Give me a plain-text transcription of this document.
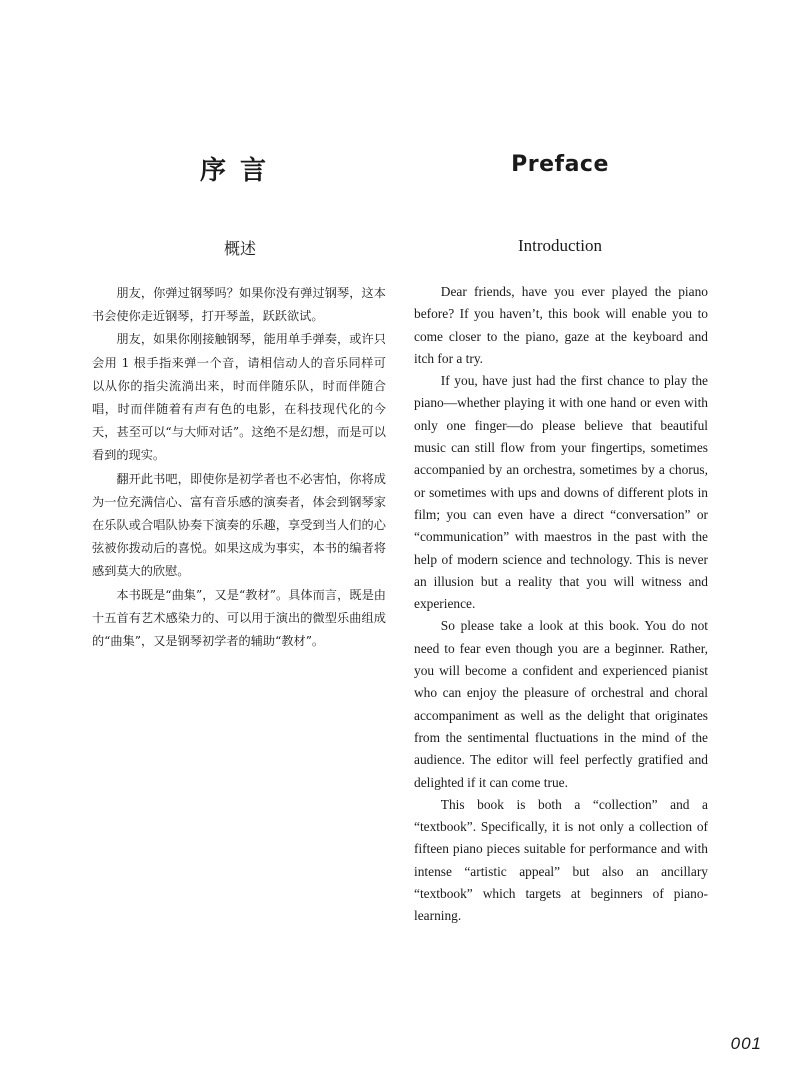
序言	Preface
概述	Introduction

朋友，你弹过钢琴吗？如果你没有弹过钢琴，这本书会使你走近钢琴，打开琴盖，跃跃欲试。

朋友，如果你刚接触钢琴，能用单手弹奏，或许只会用 1 根手指来弹一个音，请相信动人的音乐同样可以从你的指尖流淌出来，时而伴随乐队，时而伴随合唱，时而伴随着有声有色的电影，在科技现代化的今天，甚至可以“与大师对话”。这绝不是幻想，而是可以看到的现实。

翻开此书吧，即使你是初学者也不必害怕，你将成为一位充满信心、富有音乐感的演奏者，体会到钢琴家在乐队或合唱队协奏下演奏的乐趣，享受到当人们的心弦被你拨动后的喜悦。如果这成为事实，本书的编者将感到莫大的欣慰。

本书既是“曲集”，又是“教材”。具体而言，既是由十五首有艺术感染力的、可以用于演出的微型乐曲组成的“曲集”，又是钢琴初学者的辅助“教材”。

Dear friends, have you ever played the piano before? If you haven’t, this book will enable you to come closer to the piano, gaze at the keyboard and itch for a try.

If you, have just had the first chance to play the piano—whether playing it with one hand or even with only one finger—do please believe that beautiful music can still flow from your fingertips, sometimes accompanied by an orchestra, sometimes by a chorus, or sometimes with ups and downs of different plots in film; you can even have a direct “conversation” or “communication” with maestros in the past with the help of modern science and technology. This is never an illusion but a reality that you will witness and experience.

So please take a look at this book. You do not need to fear even though you are a beginner. Rather, you will become a confident and experienced pianist who can enjoy the pleasure of orchestral and choral accompaniment as well as the delight that originates from the sentimental fluctuations in the mind of the audience. The editor will feel perfectly gratified and delighted if it can come true.

This book is both a “collection” and a “textbook”. Specifically, it is not only a collection of fifteen piano pieces suitable for performance and with intense “artistic appeal” but also an ancillary “textbook” which targets at beginners of piano-learning.

001
